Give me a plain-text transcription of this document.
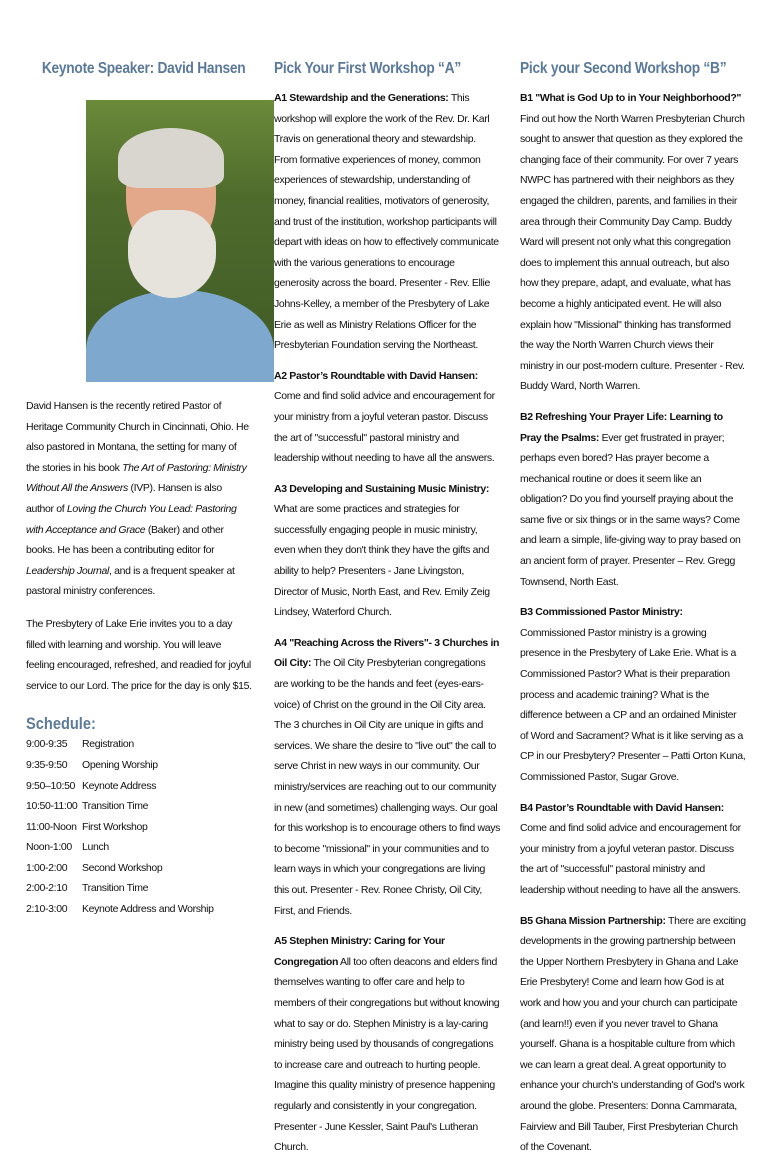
Keynote Speaker: David Hansen

David Hansen is the recently retired Pastor of Heritage Community Church in Cincinnati, Ohio. He also pastored in Montana, the setting for many of the stories in his book The Art of Pastoring: Ministry Without All the Answers (IVP). Hansen is also author of Loving the Church You Lead: Pastoring with Acceptance and Grace (Baker) and other books. He has been a contributing editor for Leadership Journal, and is a frequent speaker at pastoral ministry conferences.

The Presbytery of Lake Erie invites you to a day filled with learning and worship. You will leave feeling encouraged, refreshed, and readied for joyful service to our Lord. The price for the day is only $15.

Schedule:
9:00-9:35	Registration
9:35-9:50	Opening Worship
9:50–10:50 Keynote Address
10:50-11:00 Transition Time
11:00-Noon First Workshop
Noon-1:00 Lunch
1:00-2:00	Second Workshop
2:00-2:10	Transition Time
2:10-3:00	Keynote Address and Worship
Pick Your First Workshop “A”

A1 Stewardship and the Generations: This workshop will explore the work of the Rev. Dr. Karl Travis on generational theory and stewardship. From formative experiences of money, common experiences of stewardship, understanding of money, financial realities, motivators of generosity, and trust of the institution, workshop participants will depart with ideas on how to effectively communicate with the various generations to encourage generosity across the board. Presenter - Rev. Ellie Johns-Kelley, a member of the Presbytery of Lake Erie as well as Ministry Relations Officer for the Presbyterian Foundation serving the Northeast.

A2 Pastor’s Roundtable with David Hansen: Come and find solid advice and encouragement for your ministry from a joyful veteran pastor. Discuss the art of "successful" pastoral ministry and leadership without needing to have all the answers.

A3 Developing and Sustaining Music Ministry: What are some practices and strategies for successfully engaging people in music ministry, even when they don't think they have the gifts and ability to help? Presenters - Jane Livingston, Director of Music, North East, and Rev. Emily Zeig Lindsey, Waterford Church.

A4 "Reaching Across the Rivers"- 3 Churches in Oil City: The Oil City Presbyterian congregations are working to be the hands and feet (eyes-ears-voice) of Christ on the ground in the Oil City area. The 3 churches in Oil City are unique in gifts and services. We share the desire to "live out" the call to serve Christ in new ways in our community. Our ministry/services are reaching out to our community in new (and sometimes) challenging ways. Our goal for this workshop is to encourage others to find ways to become "missional" in your communities and to learn ways in which your congregations are living this out. Presenter - Rev. Ronee Christy, Oil City, First, and Friends.

A5 Stephen Ministry: Caring for Your Congregation All too often deacons and elders find themselves wanting to offer care and help to members of their congregations but without knowing what to say or do. Stephen Ministry is a lay-caring ministry being used by thousands of congregations to increase care and outreach to hurting people. Imagine this quality ministry of presence happening regularly and consistently in your congregation. Presenter - June Kessler, Saint Paul's Lutheran Church.

Pick your Second Workshop “B”

B1 "What is God Up to in Your Neighborhood?" Find out how the North Warren Presbyterian Church sought to answer that question as they explored the changing face of their community. For over 7 years NWPC has partnered with their neighbors as they engaged the children, parents, and families in their area through their Community Day Camp. Buddy Ward will present not only what this congregation does to implement this annual outreach, but also how they prepare, adapt, and evaluate, what has become a highly anticipated event. He will also explain how "Missional" thinking has transformed the way the North Warren Church views their ministry in our post-modern culture. Presenter - Rev. Buddy Ward, North Warren.

B2 Refreshing Your Prayer Life: Learning to Pray the Psalms: Ever get frustrated in prayer; perhaps even bored? Has prayer become a mechanical routine or does it seem like an obligation? Do you find yourself praying about the same five or six things or in the same ways? Come and learn a simple, life-giving way to pray based on an ancient form of prayer. Presenter – Rev. Gregg Townsend, North East.

B3 Commissioned Pastor Ministry: Commissioned Pastor ministry is a growing presence in the Presbytery of Lake Erie. What is a Commissioned Pastor? What is their preparation process and academic training? What is the difference between a CP and an ordained Minister of Word and Sacrament? What is it like serving as a CP in our Presbytery? Presenter – Patti Orton Kuna, Commissioned Pastor, Sugar Grove.

B4 Pastor’s Roundtable with David Hansen: Come and find solid advice and encouragement for your ministry from a joyful veteran pastor. Discuss the art of "successful" pastoral ministry and leadership without needing to have all the answers.

B5 Ghana Mission Partnership: There are exciting developments in the growing partnership between the Upper Northern Presbytery in Ghana and Lake Erie Presbytery! Come and learn how God is at work and how you and your church can participate (and learn!!) even if you never travel to Ghana yourself. Ghana is a hospitable culture from which we can learn a great deal. A great opportunity to enhance your church's understanding of God's work around the globe. Presenters: Donna Cammarata, Fairview and Bill Tauber, First Presbyterian Church of the Covenant.
